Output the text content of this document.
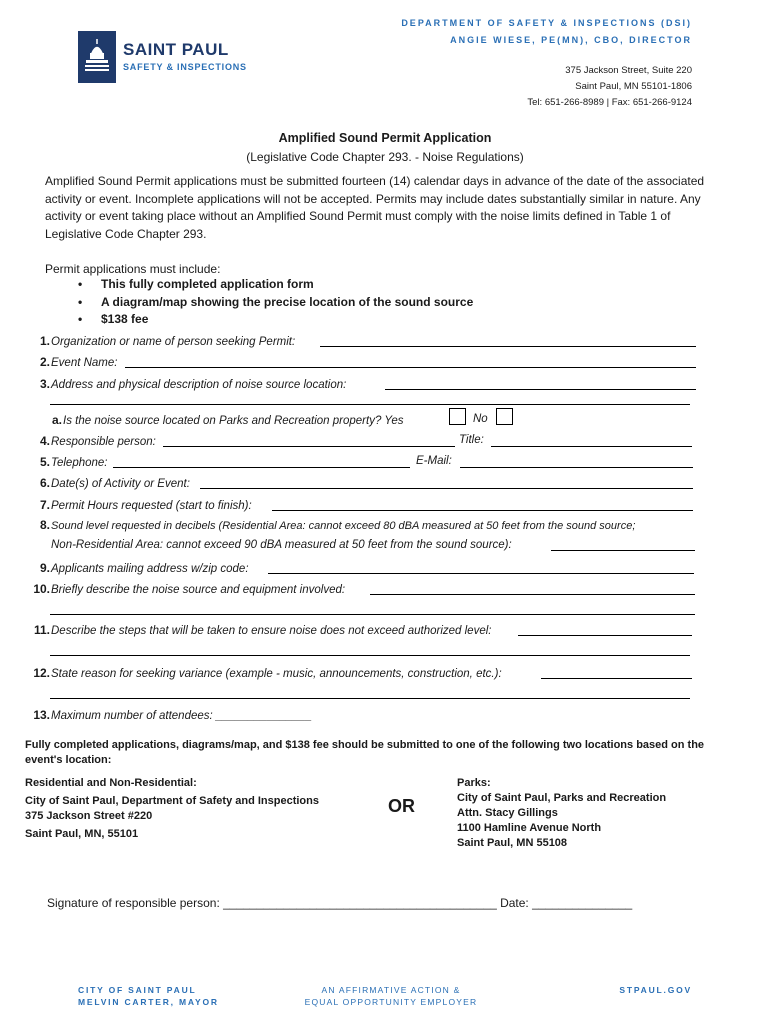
SAINT PAUL
SAFETY & INSPECTIONS
DEPARTMENT OF SAFETY & INSPECTIONS (DSI)
ANGIE WIESE, PE(MN), CBO, DIRECTOR
375 Jackson Street, Suite 220
Saint Paul, MN 55101-1806
Tel: 651-266-8989 | Fax: 651-266-9124
Amplified Sound Permit Application
(Legislative Code Chapter 293. - Noise Regulations)
Amplified Sound Permit applications must be submitted fourteen (14) calendar days in advance of the date of the associated activity or event. Incomplete applications will not be accepted. Permits may include dates substantially similar in nature. Any activity or event taking place without an Amplified Sound Permit must comply with the noise limits defined in Table 1 of Legislative Code Chapter 293.
Permit applications must include:
• This fully completed application form
• A diagram/map showing the precise location of the sound source
• $138 fee
1.Organization or name of person seeking Permit:
2.Event Name:
3.Address and physical description of noise source location:
a.Is the noise source located on Parks and Recreation property? Yes	No
4.Responsible person:	Title:
5.Telephone:	E-Mail:
6.Date(s) of Activity or Event:
7.Permit Hours requested (start to finish):
8.Sound level requested in decibels (Residential Area: cannot exceed 80 dBA measured at 50 feet from the sound source;
Non-Residential Area: cannot exceed 90 dBA measured at 50 feet from the sound source):
9.Applicants mailing address w/zip code:
10.Briefly describe the noise source and equipment involved:
11.Describe the steps that will be taken to ensure noise does not exceed authorized level:
12.State reason for seeking variance (example - music, announcements, construction, etc.):
13.Maximum number of attendees: _______________
Fully completed applications, diagrams/map, and $138 fee should be submitted to one of the following two locations based on the event's location:
Residential and Non-Residential:
City of Saint Paul, Department of Safety and Inspections
375 Jackson Street #220
Saint Paul, MN, 55101
OR
Parks:
City of Saint Paul, Parks and Recreation
Attn. Stacy Gillings
1100 Hamline Avenue North
Saint Paul, MN 55108
Signature of responsible person: _________________________________________ Date: _______________
CITY OF SAINT PAUL
MELVIN CARTER, MAYOR
AN AFFIRMATIVE ACTION &
EQUAL OPPORTUNITY EMPLOYER
STPAUL.GOV
